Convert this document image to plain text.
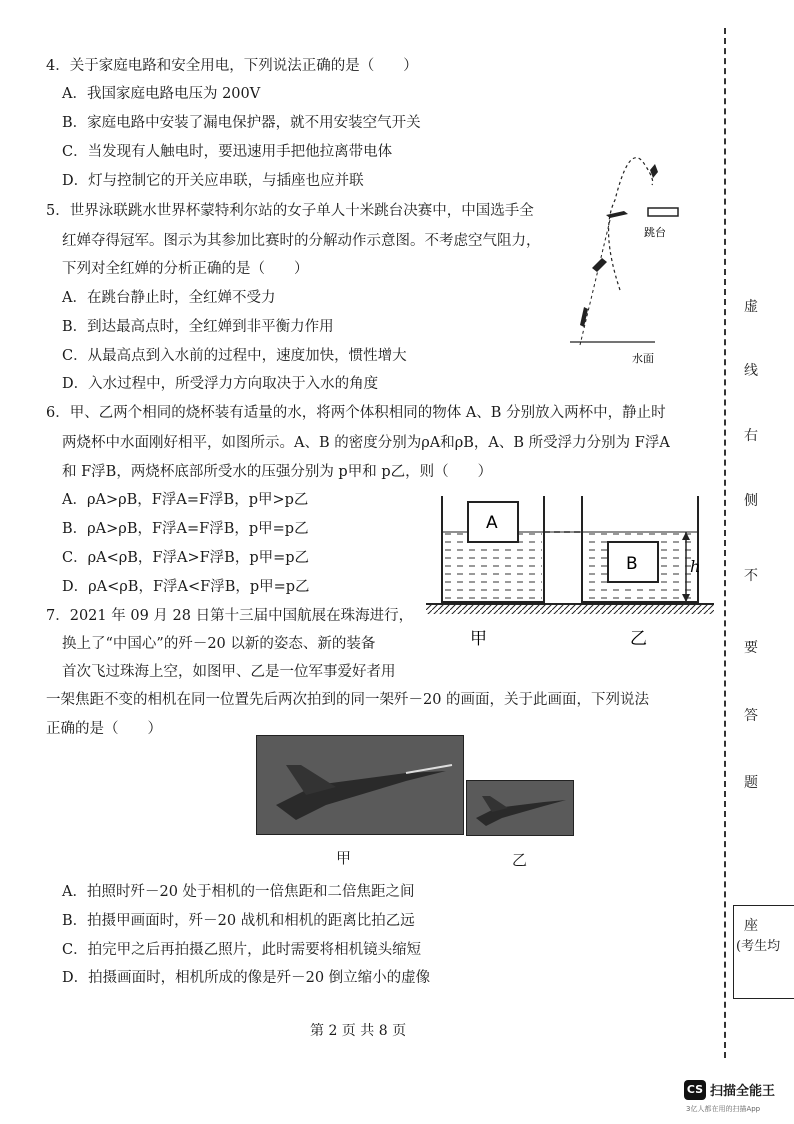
4．关于家庭电路和安全用电，下列说法正确的是（　　）
A．我国家庭电路电压为 200V
B．家庭电路中安装了漏电保护器，就不用安装空气开关
C．当发现有人触电时，要迅速用手把他拉离带电体
D．灯与控制它的开关应串联，与插座也应并联
5．世界泳联跳水世界杯蒙特利尔站的女子单人十米跳台决赛中，中国选手全
红婵夺得冠军。图示为其参加比赛时的分解动作示意图。不考虑空气阻力，
下列对全红婵的分析正确的是（　　）
A．在跳台静止时，全红婵不受力
B．到达最高点时，全红婵到非平衡力作用
C．从最高点到入水前的过程中，速度加快，惯性增大
D．入水过程中，所受浮力方向取决于入水的角度
跳台
水面
6．甲、乙两个相同的烧杯装有适量的水，将两个体积相同的物体 A、B 分别放入两杯中，静止时
两烧杯中水面刚好相平，如图所示。A、B 的密度分别为ρA和ρB，A、B 所受浮力分别为 F浮A
和 F浮B，两烧杯底部所受水的压强分别为 p甲和 p乙，则（　　）
A．ρA>ρB，F浮A=F浮B，p甲>p乙
B．ρA>ρB，F浮A=F浮B，p甲=p乙
C．ρA<ρB，F浮A>F浮B，p甲=p乙
D．ρA<ρB，F浮A<F浮B，p甲=p乙
A
B	h
甲	乙
7．2021 年 09 月 28 日第十三届中国航展在珠海进行，
换上了“中国心”的歼－20 以新的姿态、新的装备
首次飞过珠海上空，如图甲、乙是一位军事爱好者用
一架焦距不变的相机在同一位置先后两次拍到的同一架歼－20 的画面，关于此画面，下列说法
正确的是（　　）
甲	乙
A．拍照时歼－20 处于相机的一倍焦距和二倍焦距之间
B．拍摄甲画面时，歼－20 战机和相机的距离比拍乙远
C．拍完甲之后再拍摄乙照片，此时需要将相机镜头缩短
D．拍摄画面时，相机所成的像是歼－20 倒立缩小的虚像
虚
线
右
侧
不
要
答
题
座
(考生均
第 2 页 共 8 页
CS 扫描全能王
3亿人都在用的扫描App
